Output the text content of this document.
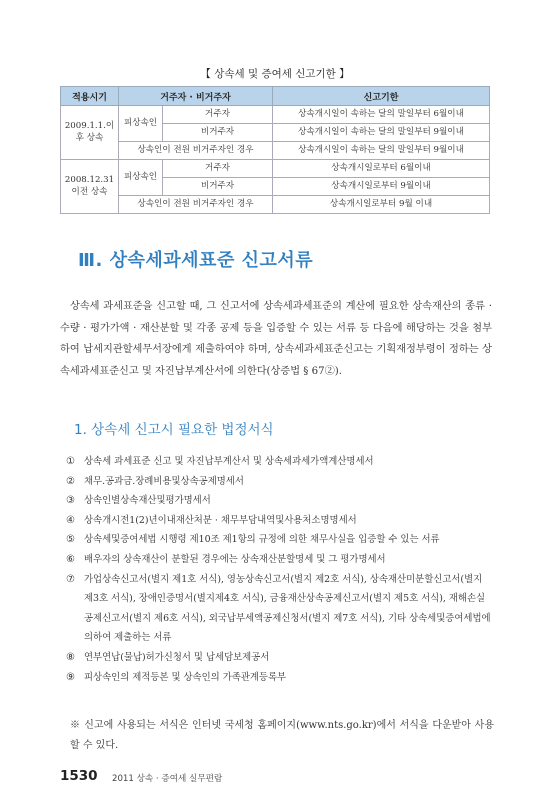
【 상속세 및 증여세 신고기한 】
적용시기	거주자 · 비거주자		신고기한
2009.1.1.이후 상속	피상속인	거주자	상속개시일이 속하는 달의 말일부터 6월이내
		비거주자	상속개시일이 속하는 달의 말일부터 9월이내
	상속인이 전원 비거주자인 경우		상속개시일이 속하는 달의 말일부터 9월이내
2008.12.31 이전 상속	피상속인	거주자	상속개시일로부터 6월이내
		비거주자	상속개시일로부터 9월이내
	상속인이 전원 비거주자인 경우		상속개시일로부터 9월 이내
Ⅲ. 상속세과세표준 신고서류
상속세 과세표준을 신고할 때, 그 신고서에 상속세과세표준의 계산에 필요한 상속재산의 종류 · 수량 · 평가가액 · 재산분할 및 각종 공제 등을 입증할 수 있는 서류 등 다음에 해당하는 것을 첨부하여 납세지관할세무서장에게 제출하여야 하며, 상속세과세표준신고는 기획재정부령이 정하는 상속세과세표준신고 및 자진납부계산서에 의한다(상증법 § 67②).
1. 상속세 신고시 필요한 법정서식
① 상속세 과세표준 신고 및 자진납부계산서 및 상속세과세가액계산명세서
② 채무.공과금.장례비용및상속공제명세서
③ 상속인별상속재산및평가명세서
④ 상속개시전1(2)년이내재산처분 · 채무부담내역및사용처소명명세서
⑤ 상속세및증여세법 시행령 제10조 제1항의 규정에 의한 채무사실을 입증할 수 있는 서류
⑥ 배우자의 상속재산이 분할된 경우에는 상속재산분할명세 및 그 평가명세서
⑦ 가업상속신고서(별지 제1호 서식), 영농상속신고서(별지 제2호 서식), 상속재산미분할신고서(별지 제3호 서식), 장애인증명서(별지제4호 서식), 금융재산상속공제신고서(별지 제5호 서식), 재해손실공제신고서(별지 제6호 서식), 외국납부세액공제신청서(별지 제7호 서식), 기타 상속세및증여세법에 의하여 제출하는 서류
⑧ 연부연납(물납)허가신청서 및 납세담보제공서
⑨ 피상속인의 제적등본 및 상속인의 가족관계등록부
※ 신고에 사용되는 서식은 인터넷 국세청 홈페이지(www.nts.go.kr)에서 서식을 다운받아 사용할 수 있다.
1530 2011 상속 · 증여세 실무편람
